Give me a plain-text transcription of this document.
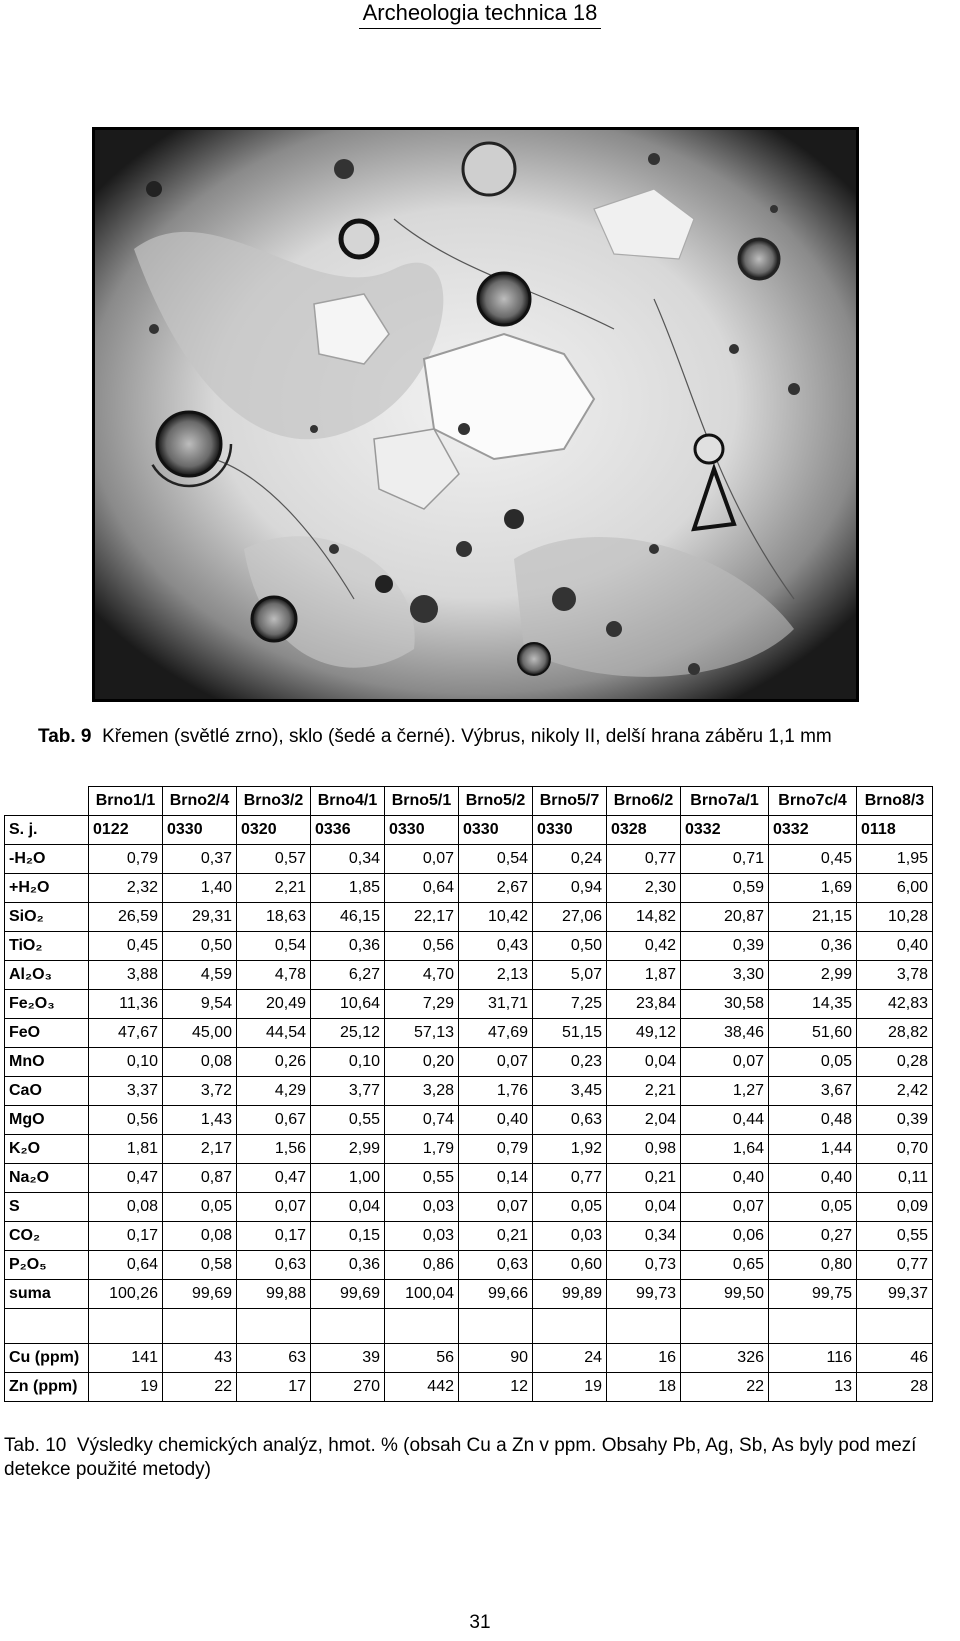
Archeologia technica 18
Tab. 9 Křemen (světlé zrno), sklo (šedé a černé). Výbrus, nikoly II, delší hrana záběru 1,1 mm
	Brno1/1	Brno2/4	Brno3/2	Brno4/1	Brno5/1	Brno5/2	Brno5/7	Brno6/2	Brno7a/1	Brno7c/4	Brno8/3
S. j.	0122	0330	0320	0336	0330	0330	0330	0328	0332	0332	0118
-H₂O	0,79	0,37	0,57	0,34	0,07	0,54	0,24	0,77	0,71	0,45	1,95
+H₂O	2,32	1,40	2,21	1,85	0,64	2,67	0,94	2,30	0,59	1,69	6,00
SiO₂	26,59	29,31	18,63	46,15	22,17	10,42	27,06	14,82	20,87	21,15	10,28
TiO₂	0,45	0,50	0,54	0,36	0,56	0,43	0,50	0,42	0,39	0,36	0,40
Al₂O₃	3,88	4,59	4,78	6,27	4,70	2,13	5,07	1,87	3,30	2,99	3,78
Fe₂O₃	11,36	9,54	20,49	10,64	7,29	31,71	7,25	23,84	30,58	14,35	42,83
FeO	47,67	45,00	44,54	25,12	57,13	47,69	51,15	49,12	38,46	51,60	28,82
MnO	0,10	0,08	0,26	0,10	0,20	0,07	0,23	0,04	0,07	0,05	0,28
CaO	3,37	3,72	4,29	3,77	3,28	1,76	3,45	2,21	1,27	3,67	2,42
MgO	0,56	1,43	0,67	0,55	0,74	0,40	0,63	2,04	0,44	0,48	0,39
K₂O	1,81	2,17	1,56	2,99	1,79	0,79	1,92	0,98	1,64	1,44	0,70
Na₂O	0,47	0,87	0,47	1,00	0,55	0,14	0,77	0,21	0,40	0,40	0,11
S	0,08	0,05	0,07	0,04	0,03	0,07	0,05	0,04	0,07	0,05	0,09
CO₂	0,17	0,08	0,17	0,15	0,03	0,21	0,03	0,34	0,06	0,27	0,55
P₂O₅	0,64	0,58	0,63	0,36	0,86	0,63	0,60	0,73	0,65	0,80	0,77
suma	100,26	99,69	99,88	99,69	100,04	99,66	99,89	99,73	99,50	99,75	99,37

Cu (ppm)	141	43	63	39	56	90	24	16	326	116	46
Zn (ppm)	19	22	17	270	442	12	19	18	22	13	28
Tab. 10 Výsledky chemických analýz, hmot. % (obsah Cu a Zn v ppm. Obsahy Pb, Ag, Sb, As byly pod mezí detekce použité metody)
31
